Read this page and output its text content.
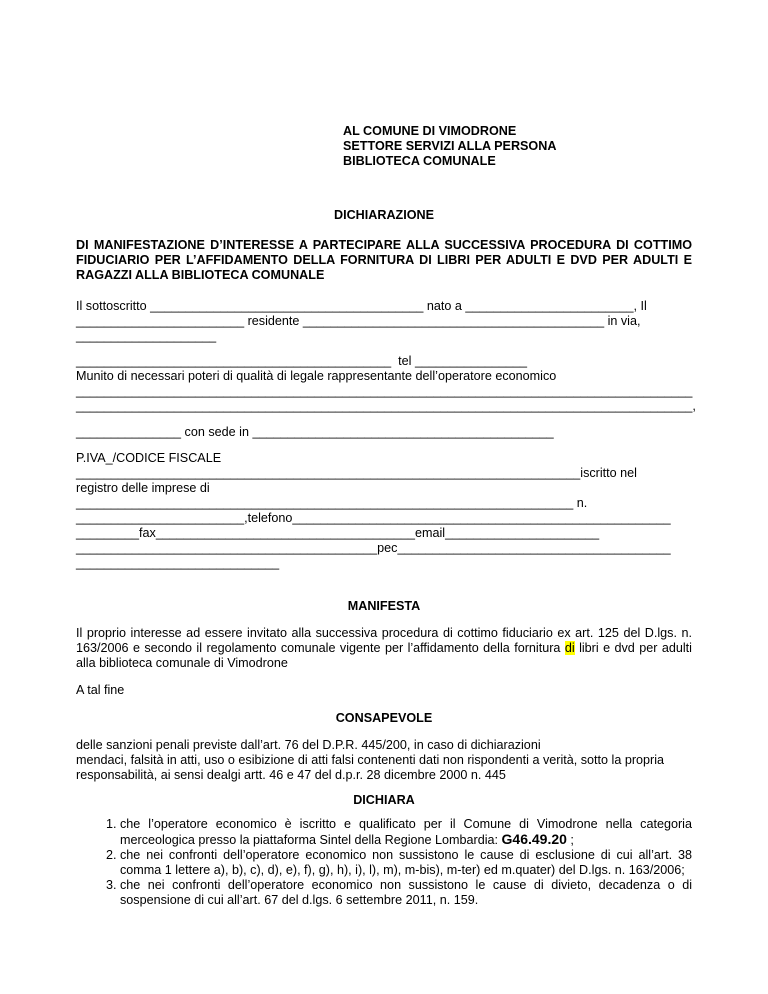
AL COMUNE DI VIMODRONE
SETTORE SERVIZI ALLA PERSONA
BIBLIOTECA COMUNALE
DICHIARAZIONE
DI MANIFESTAZIONE D’INTERESSE A PARTECIPARE ALLA SUCCESSIVA PROCEDURA DI COTTIMO FIDUCIARIO PER L’AFFIDAMENTO DELLA FORNITURA DI LIBRI PER ADULTI E DVD PER ADULTI E RAGAZZI ALLA BIBLIOTECA COMUNALE
Il sottoscritto _______________________________________ nato a ________________________, Il
________________________ residente ___________________________________________ in via,
____________________
_____________________________________________  tel ________________
Munito di necessari poteri di qualità di legale rappresentante dell’operatore economico
________________________________________________________________________________________
________________________________________________________________________________________,
_______________ con sede in ___________________________________________
P.IVA_/CODICE FISCALE
________________________________________________________________________iscritto nel
registro delle imprese di
_______________________________________________________________________ n.
________________________,telefono______________________________________________________
_________fax_____________________________________email______________________
___________________________________________pec_______________________________________
_____________________________
MANIFESTA
Il proprio interesse ad essere invitato alla successiva procedura di cottimo fiduciario ex art. 125 del D.lgs. n. 163/2006 e secondo il regolamento comunale vigente per l’affidamento della fornitura di libri e dvd per adulti alla biblioteca comunale di Vimodrone
A tal fine
CONSAPEVOLE
delle sanzioni penali previste dall’art. 76 del D.P.R. 445/200, in caso di dichiarazioni
mendaci, falsità in atti, uso o esibizione di atti falsi contenenti dati non rispondenti a verità, sotto la propria responsabilità, ai sensi dealgi artt. 46 e 47 del d.p.r. 28 dicembre 2000 n. 445
DICHIARA
1. che l’operatore economico è iscritto e qualificato per il Comune di Vimodrone nella categoria merceologica presso la piattaforma Sintel della Regione Lombardia: G46.49.20 ;
2. che nei confronti dell’operatore economico non sussistono le cause di esclusione di cui all’art. 38 comma 1 lettere a), b), c), d), e), f), g), h), i), l), m), m-bis), m-ter) ed m.quater) del D.lgs. n. 163/2006;
3. che nei confronti dell’operatore economico non sussistono le cause di divieto, decadenza o di sospensione di cui all’art. 67 del d.lgs. 6 settembre 2011, n. 159.
